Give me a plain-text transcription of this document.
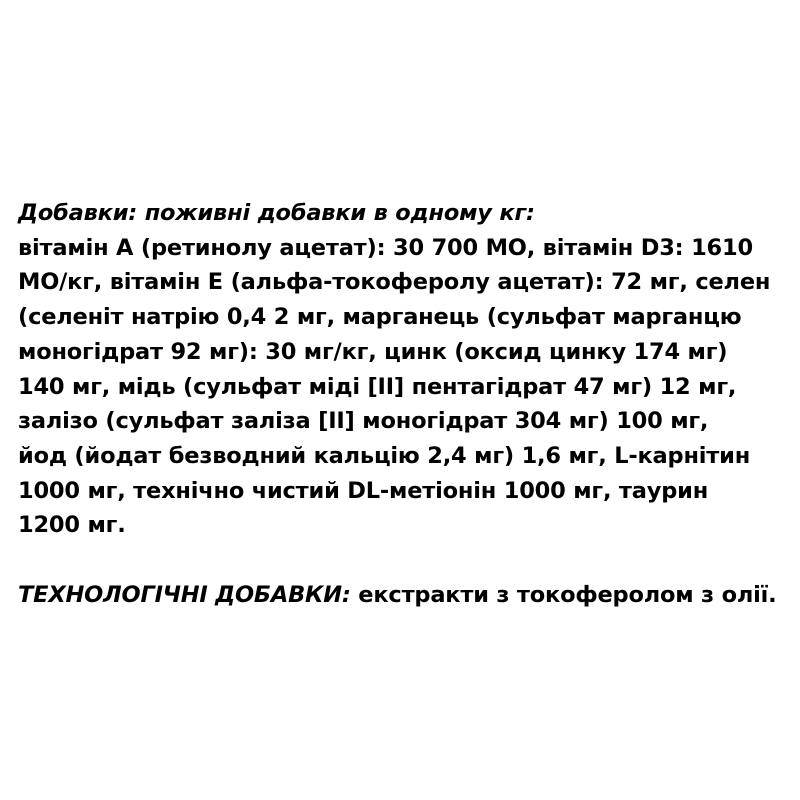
Добавки: поживні добавки в одному кг:
вітамін А (ретинолу ацетат): 30 700 МО, вітамін D3: 1610
МО/кг, вітамін Е (альфа-токоферолу ацетат): 72 мг, селен
(селеніт натрію 0,4 2 мг, марганець (сульфат марганцю
моногідрат 92 мг): 30 мг/кг, цинк (оксид цинку 174 мг)
140 мг, мідь (сульфат міді [II] пентагідрат 47 мг) 12 мг,
залізо (сульфат заліза [II] моногідрат 304 мг) 100 мг,
йод (йодат безводний кальцію 2,4 мг) 1,6 мг, L-карнітин
1000 мг, технічно чистий DL-метіонін 1000 мг, таурин
1200 мг.
ТЕХНОЛОГІЧНІ ДОБАВКИ: екстракти з токоферолом з олії.
